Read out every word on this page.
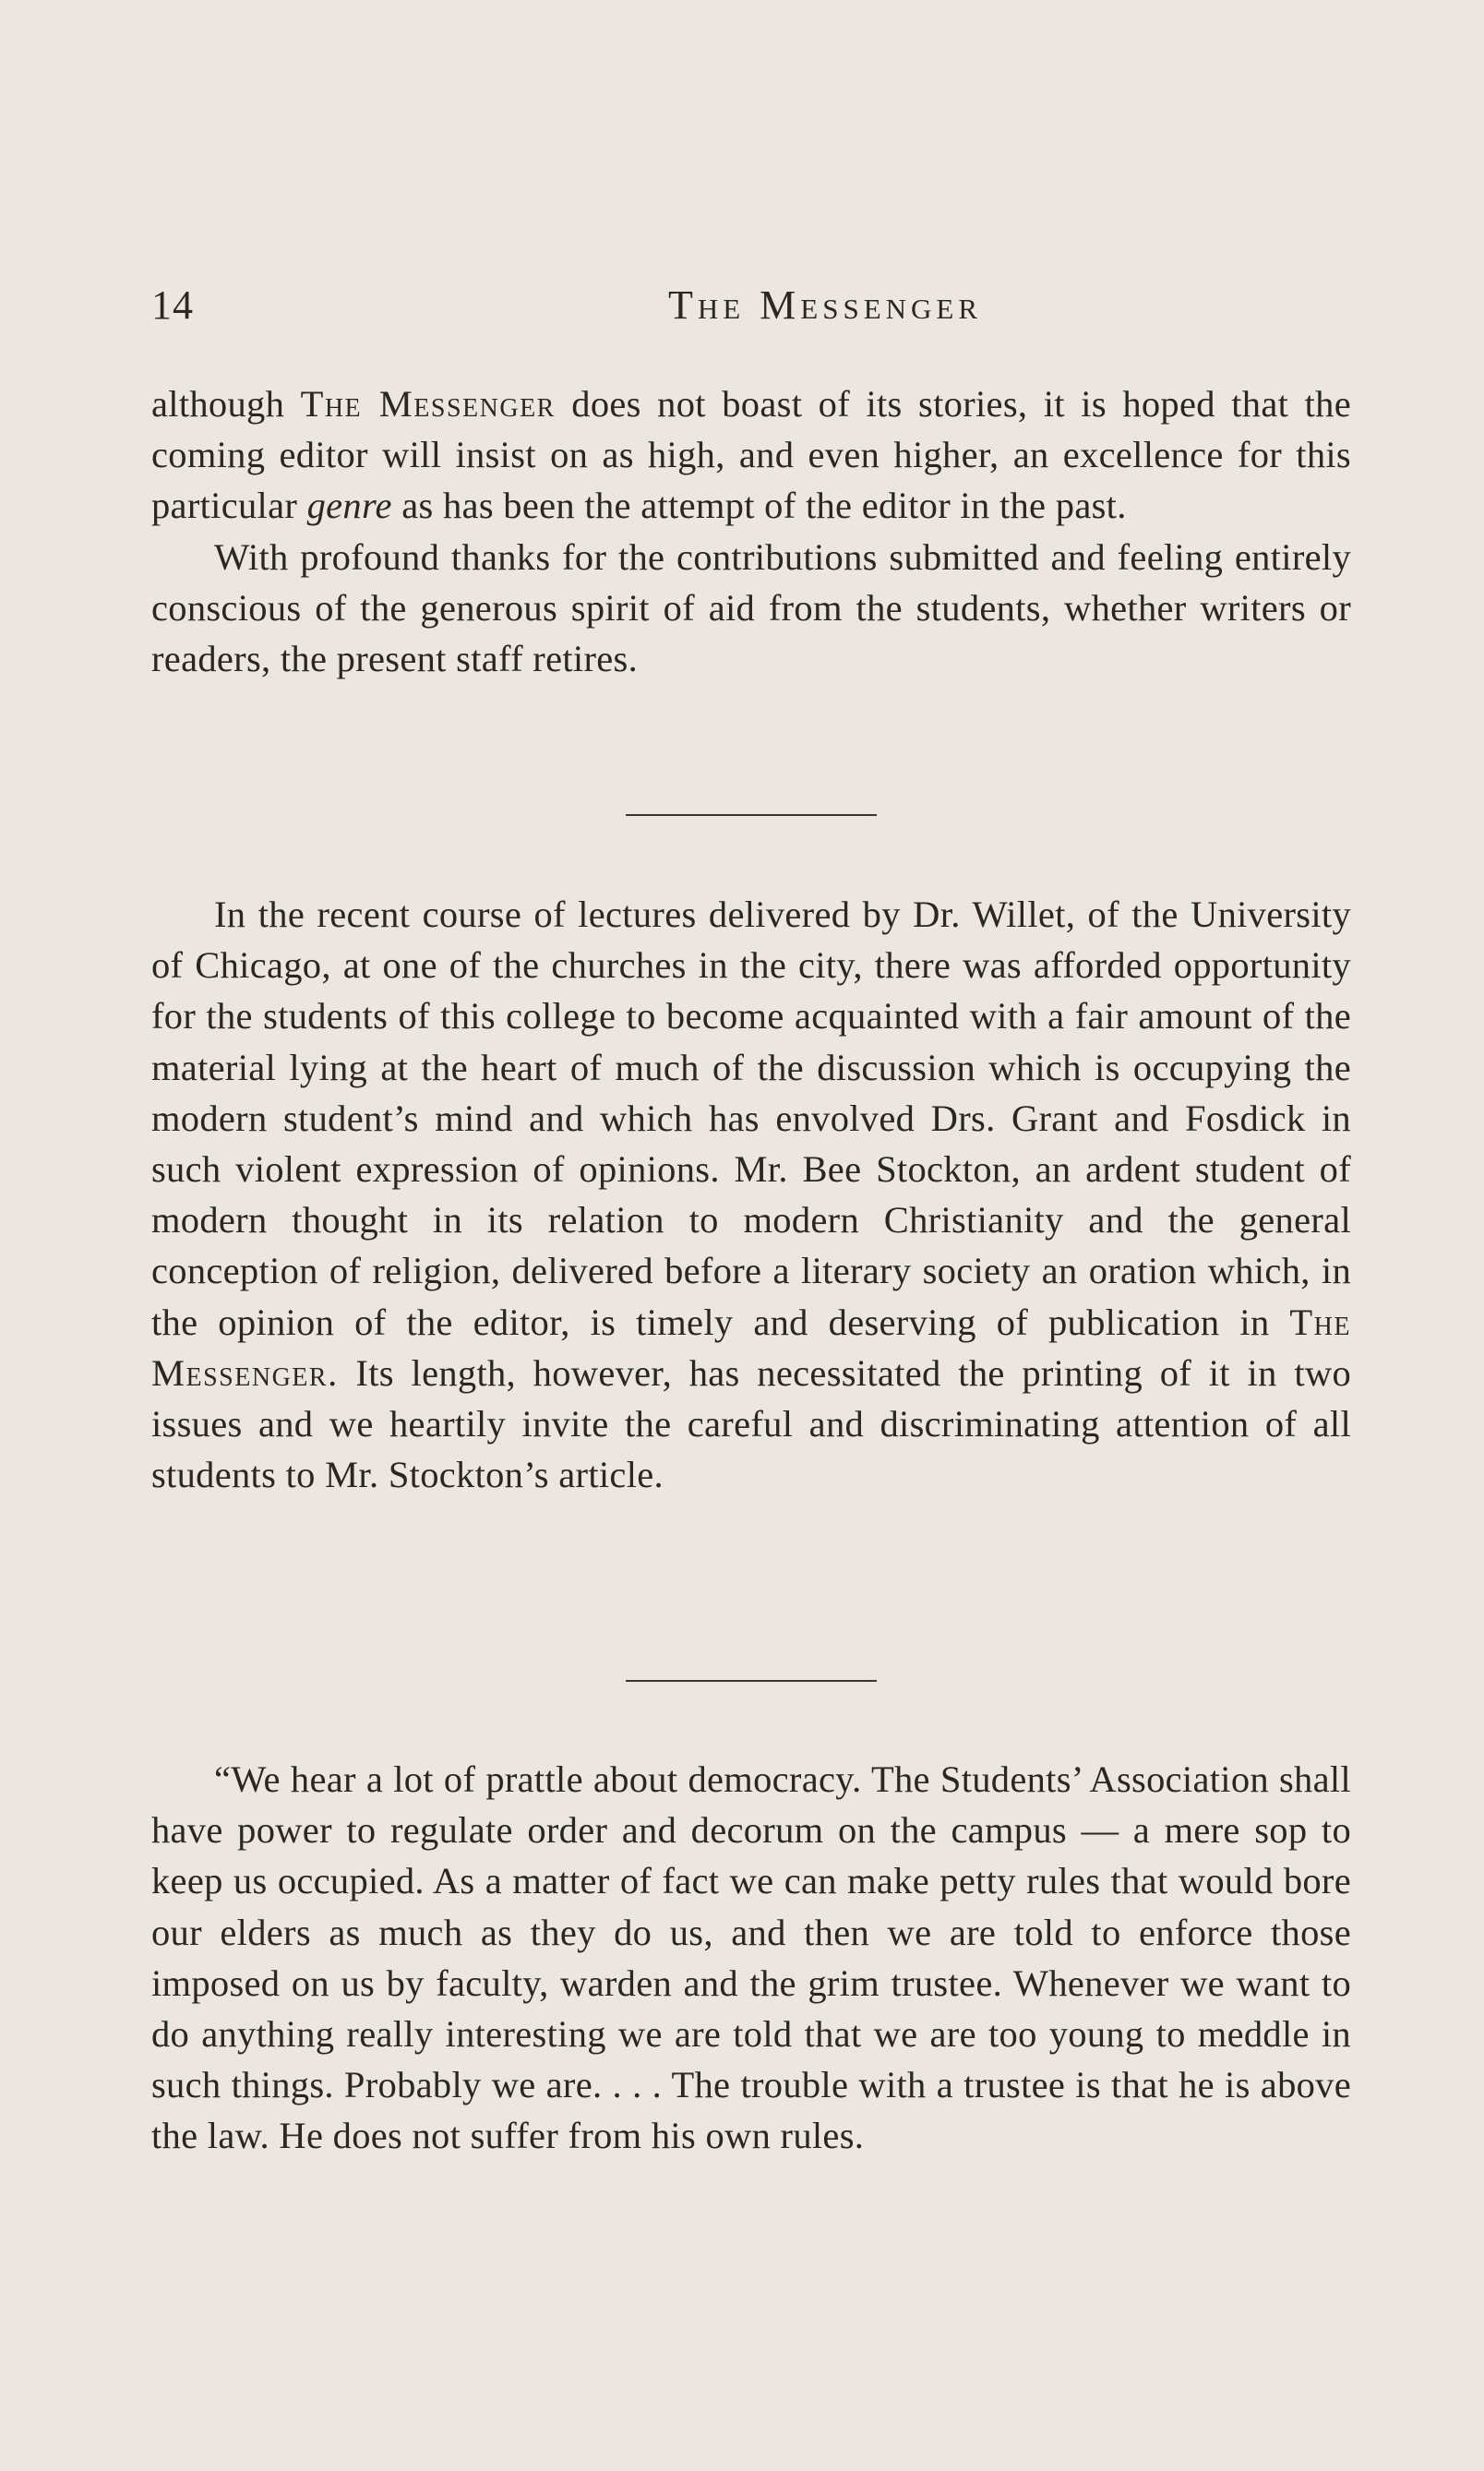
14	The Messenger

although The Messenger does not boast of its stories, it is hoped that the coming editor will insist on as high, and even higher, an excellence for this particular genre as has been the attempt of the editor in the past.

With profound thanks for the contributions submitted and feeling entirely conscious of the generous spirit of aid from the students, whether writers or readers, the present staff retires.

In the recent course of lectures delivered by Dr. Willet, of the University of Chicago, at one of the churches in the city, there was afforded opportunity for the students of this college to become acquainted with a fair amount of the material lying at the heart of much of the discussion which is occupying the modern student’s mind and which has envolved Drs. Grant and Fosdick in such violent expression of opinions. Mr. Bee Stockton, an ardent student of modern thought in its relation to modern Christianity and the general conception of religion, delivered before a literary society an oration which, in the opinion of the editor, is timely and deserving of publication in The Messenger. Its length, however, has necessitated the printing of it in two issues and we heartily invite the careful and discriminating attention of all students to Mr. Stockton’s article.

“We hear a lot of prattle about democracy. The Students’ Association shall have power to regulate order and decorum on the campus — a mere sop to keep us occupied. As a matter of fact we can make petty rules that would bore our elders as much as they do us, and then we are told to enforce those imposed on us by faculty, warden and the grim trustee. Whenever we want to do anything really interesting we are told that we are too young to meddle in such things. Probably we are. . . . The trouble with a trustee is that he is above the law. He does not suffer from his own rules.
